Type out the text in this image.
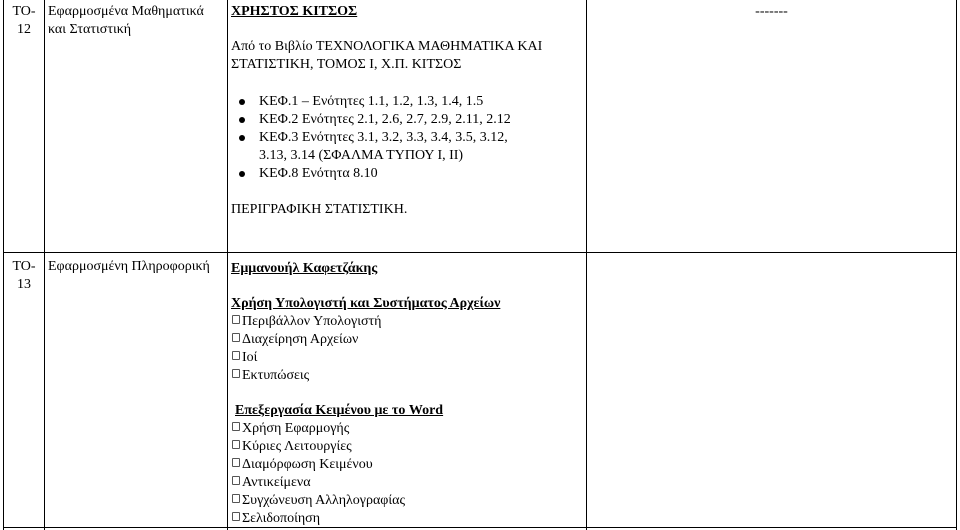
ΤΟ-
12
Εφαρμοσμένα Μαθηματικά
και Στατιστική
ΧΡΗΣΤΟΣ ΚΙΤΣΟΣ
Από το Βιβλίο ΤΕΧΝΟΛΟΓΙΚΑ ΜΑΘΗΜΑΤΙΚΑ ΚΑΙ
ΣΤΑΤΙΣΤΙΚΗ, ΤΟΜΟΣ Ι, Χ.Π. ΚΙΤΣΟΣ
ΚΕΦ.1 – Ενότητες 1.1, 1.2, 1.3, 1.4, 1.5
ΚΕΦ.2 Ενότητες 2.1, 2.6, 2.7, 2.9, 2.11, 2.12
ΚΕΦ.3 Ενότητες 3.1, 3.2, 3.3, 3.4, 3.5, 3.12,
3.13, 3.14 (ΣΦΑΛΜΑ ΤΥΠΟΥ Ι, ΙΙ)
ΚΕΦ.8 Ενότητα 8.10
ΠΕΡΙΓΡΑΦΙΚΗ ΣΤΑΤΙΣΤΙΚΗ.
-------
ΤΟ-
13
Εφαρμοσμένη Πληροφορική Εμμανουήλ Καφετζάκης
Χρήση Υπολογιστή και Συστήματος Αρχείων
Περιβάλλον Υπολογιστή
Διαχείρηση Αρχείων
Ιοί
Εκτυπώσεις
Επεξεργασία Κειμένου με το Word
Χρήση Εφαρμογής
Κύριες Λειτουργίες
Διαμόρφωση Κειμένου
Αντικείμενα
Συγχώνευση Αλληλογραφίας
Σελιδοποίηση
